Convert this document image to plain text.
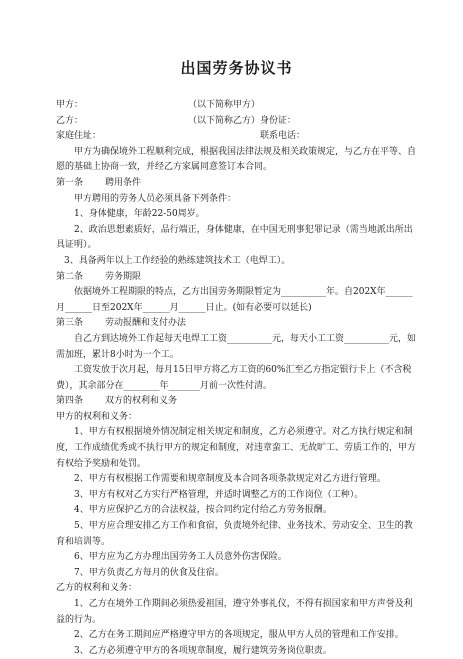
出国劳务协议书
甲方：	（以下简称甲方）
乙方：	（以下简称乙方） 身份证：
家庭住址：	联系电话：

甲方为确保境外工程顺利完成，根据我国法律法规及相关政策规定，与乙方在平等、自愿的基础上协商一致，并经乙方家属同意签订本合同。

第一条 聘用条件

甲方聘用的劳务人员必须具备下列条件：

1、身体健康，年龄22-50周岁。

2、政治思想素质好，品行端正，身体健康，在中国无刑事犯罪记录（需当地派出所出具证明）。

3、具备两年以上工作经验的熟练建筑技术工（电焊工）。

第二条 劳务期限

依据境外工程期限的特点，乙方出国劳务期限暂定为__________年。自202X年______月______日至202X年______月______日止。(如有必要可以延长)

第三条 劳动报酬和支付办法

自乙方到达境外工作起每天电焊工工资__________元，每天小工工资__________元，如需加班，累计8小时为一个工。

工资发放于次月起，每月15日甲方将乙方工资的60%汇至乙方指定银行卡上（不含税费），其余部分在________年_______月前一次性付清。

第四条 双方的权利和义务

甲方的权利和义务：

1、甲方有权根据境外情况制定相关规定和制度，乙方必须遵守。对乙方执行规定和制度，工作成绩优秀或不执行甲方的规定和制度，对违章蛮工、无故旷工、劳质工作的，甲方有权给予奖励和处罚。

2、甲方有权根据工作需要和规章制度及本合同各项条款规定对乙方进行管理。

3、甲方有权对乙方实行严格管理，并适时调整乙方的工作岗位（工种）。

4、甲方应保护乙方的合法权益，按合同约定付给乙方劳务报酬。

5、甲方应合理安排乙方工作和食宿，负责境外纪律、业务技术、劳动安全、卫生的教育和培训等。

6、甲方应为乙方办理出国劳务工人员意外伤害保险。

7、甲方负责乙方每月的伙食及住宿。

乙方的权利和义务：

1、乙方在境外工作期间必须热爱祖国，遵守外事礼仪，不得有损国家和甲方声誉及利益的行为。

2、乙方在务工期间应严格遵守甲方的各项规定，服从甲方人员的管理和工作安排。

3、乙方必须遵守甲方的各项规章制度，履行建筑劳务岗位职责。
